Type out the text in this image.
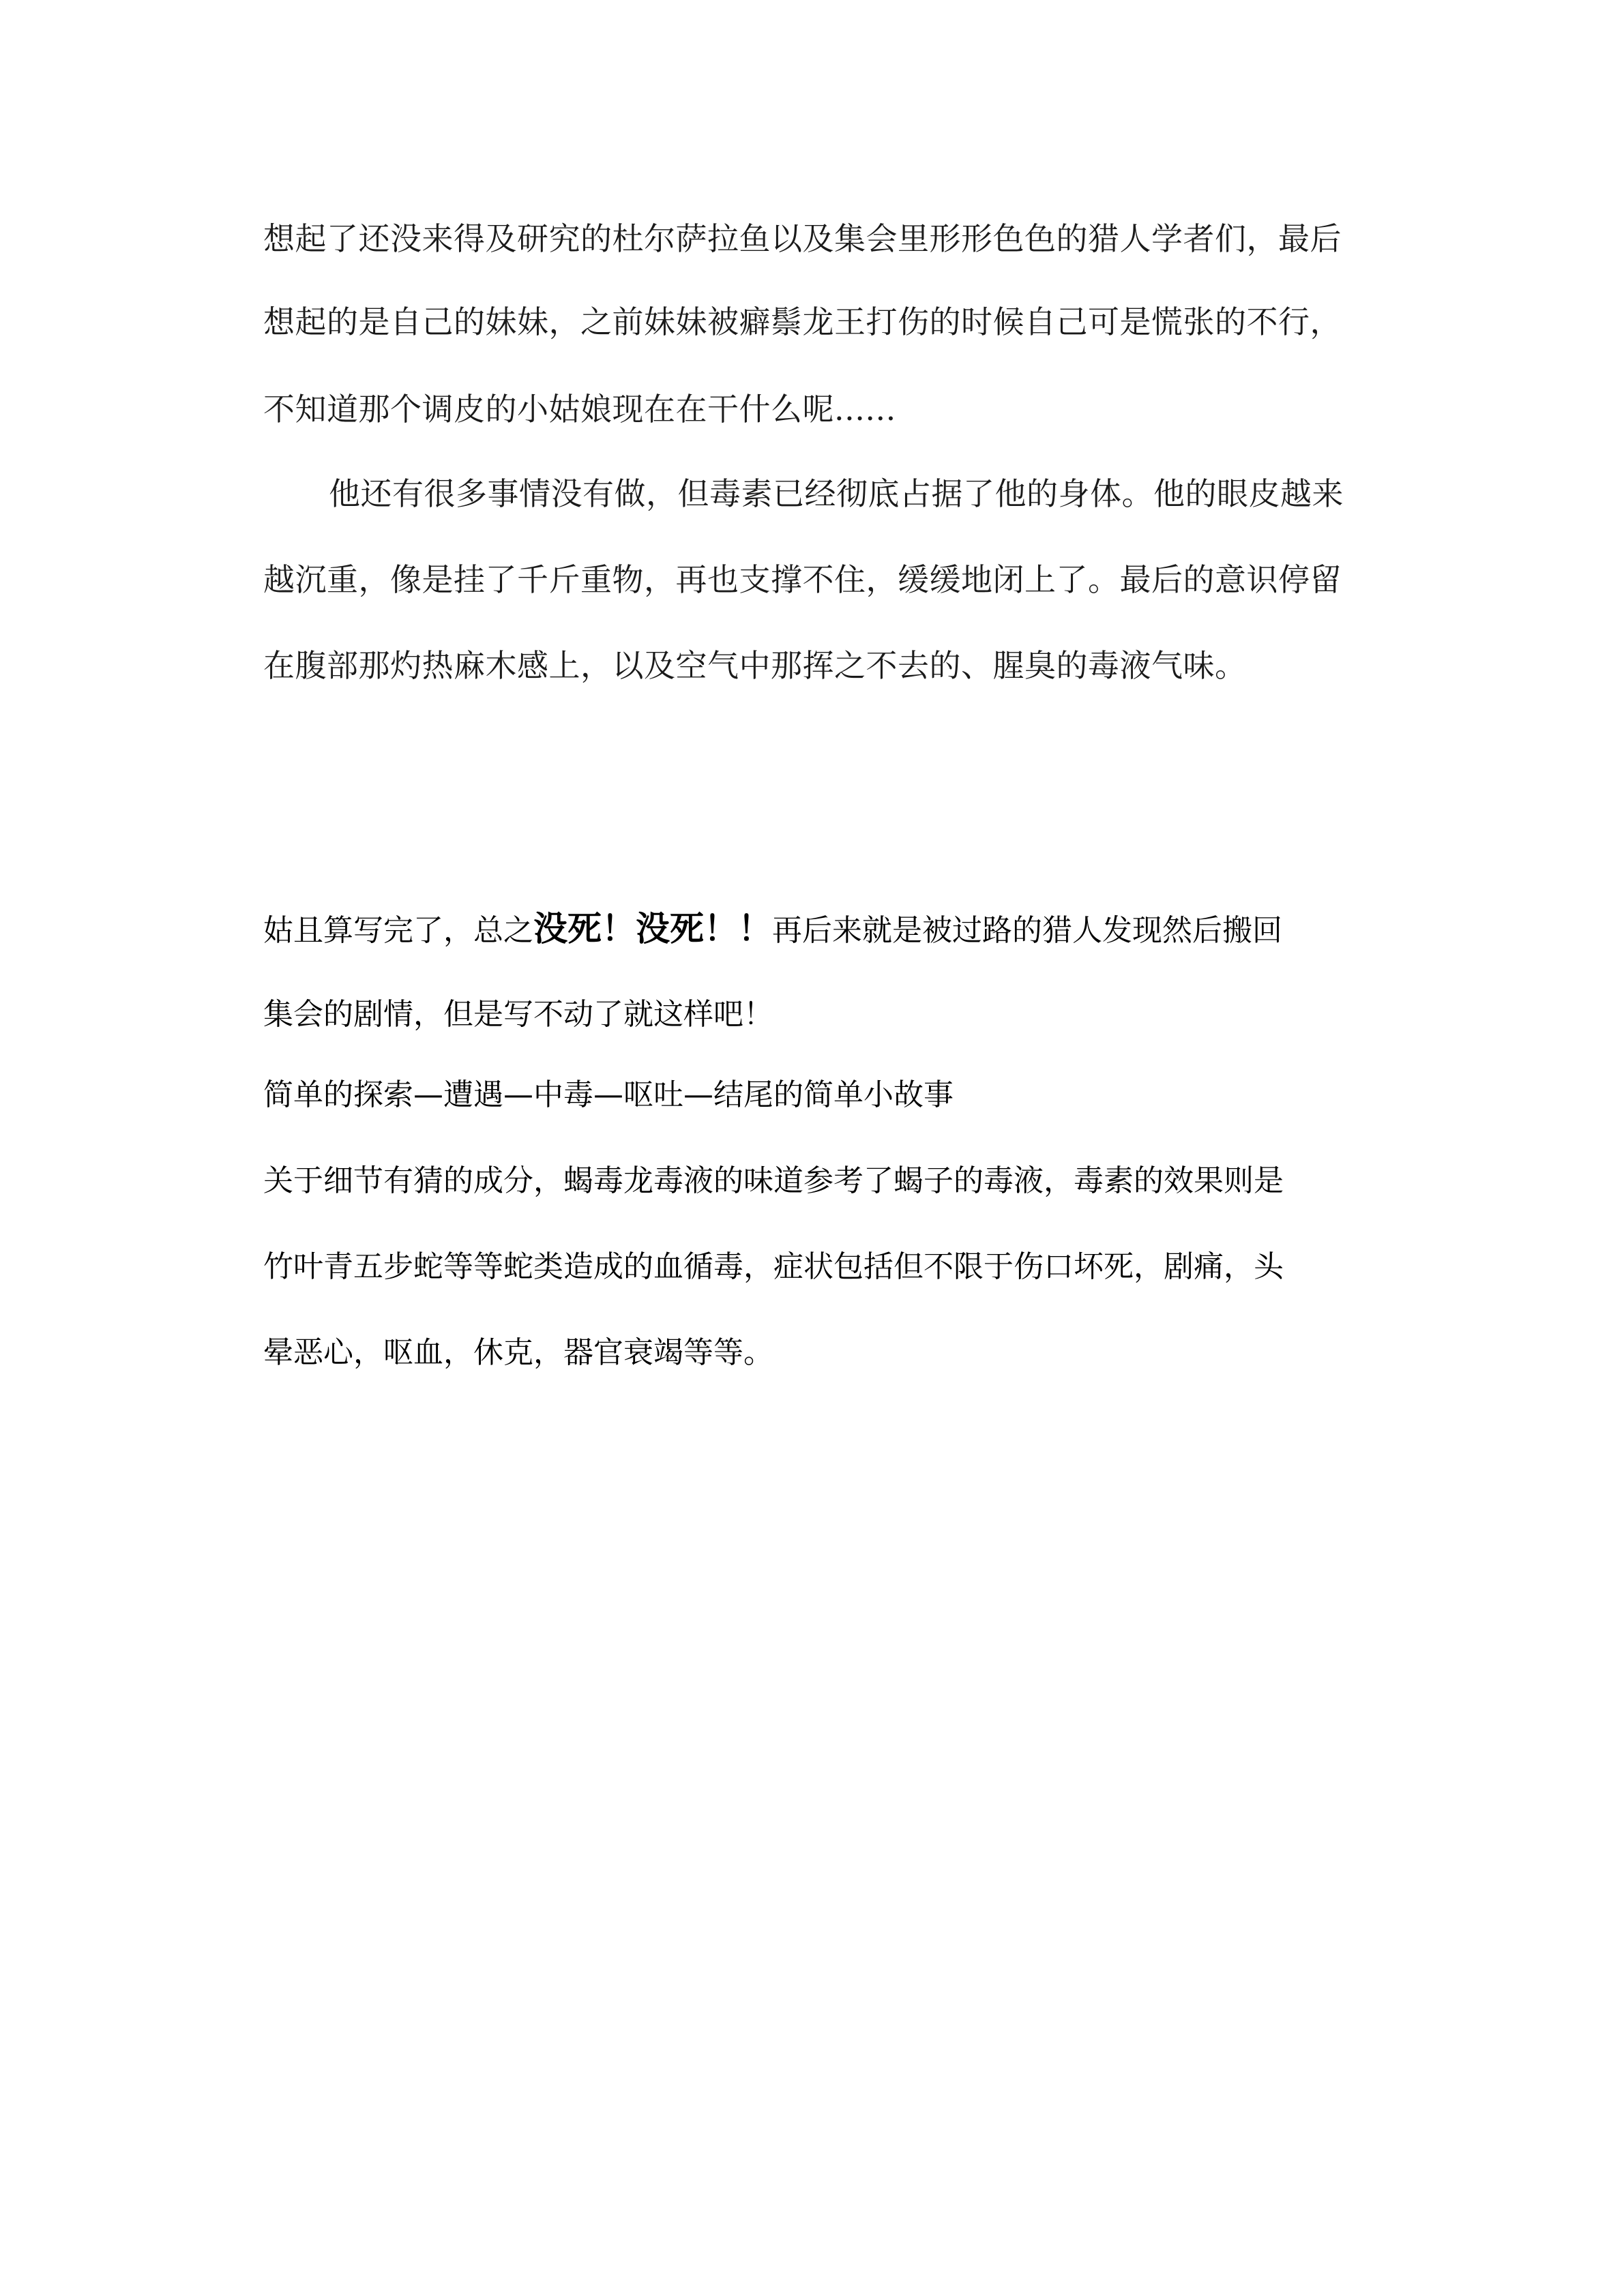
想起了还没来得及研究的杜尔萨拉鱼以及集会里形形色色的猎人学者们，最后

想起的是自己的妹妹，之前妹妹被癖鬃龙王打伤的时候自己可是慌张的不行，

不知道那个调皮的小姑娘现在在干什么呢......

他还有很多事情没有做，但毒素已经彻底占据了他的身体。他的眼皮越来

越沉重，像是挂了千斤重物，再也支撑不住，缓缓地闭上了。最后的意识停留

在腹部那灼热麻木感上，以及空气中那挥之不去的、腥臭的毒液气味。

姑且算写完了，总之没死！没死！！再后来就是被过路的猎人发现然后搬回

集会的剧情，但是写不动了就这样吧！

简单的探索—遭遇—中毒—呕吐—结尾的简单小故事

关于细节有猜的成分，蝎毒龙毒液的味道参考了蝎子的毒液，毒素的效果则是

竹叶青五步蛇等等蛇类造成的血循毒，症状包括但不限于伤口坏死，剧痛，头

晕恶心，呕血，休克，器官衰竭等等。
